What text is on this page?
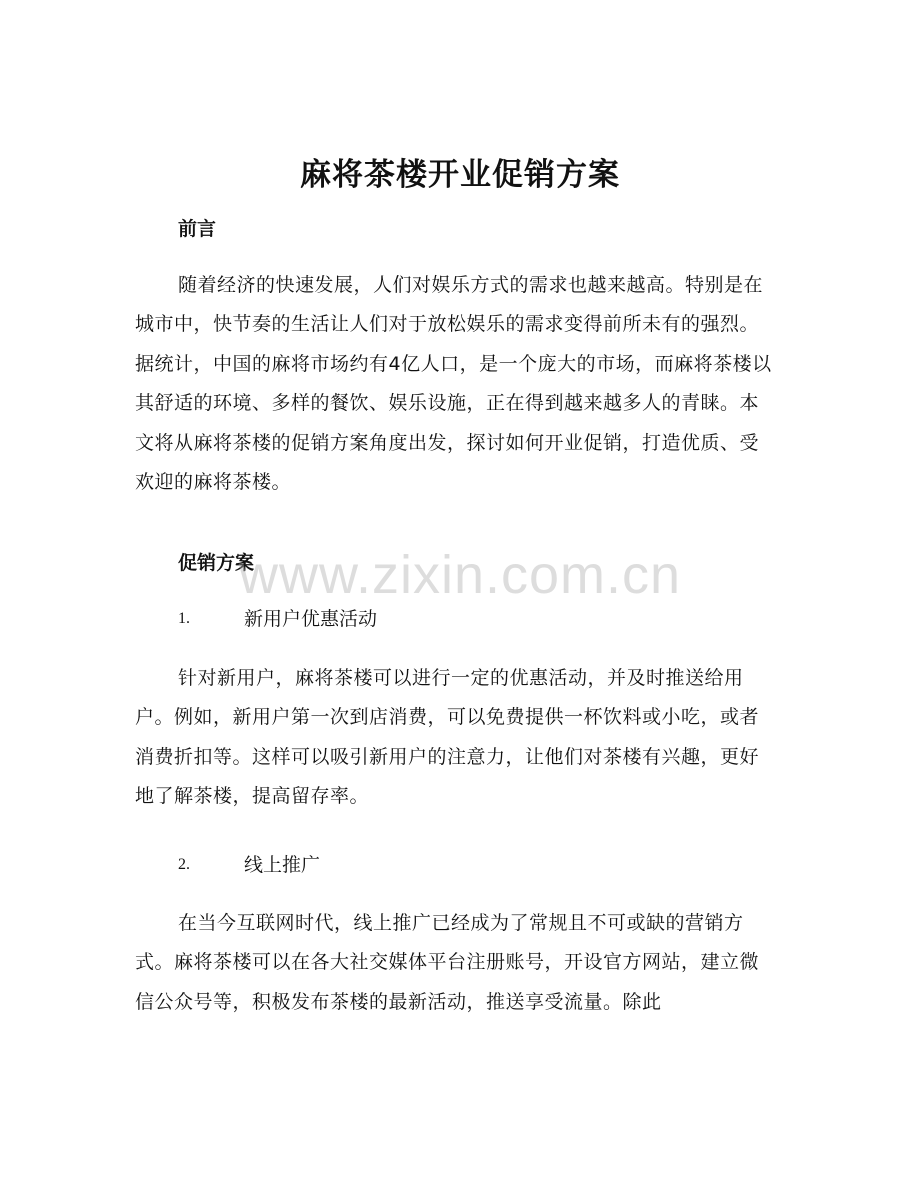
麻将茶楼开业促销方案
前言
随着经济的快速发展，人们对娱乐方式的需求也越来越高。特别是在城市中，快节奏的生活让人们对于放松娱乐的需求变得前所未有的强烈。据统计，中国的麻将市场约有4亿人口，是一个庞大的市场，而麻将茶楼以其舒适的环境、多样的餐饮、娱乐设施，正在得到越来越多人的青睐。本文将从麻将茶楼的促销方案角度出发，探讨如何开业促销，打造优质、受欢迎的麻将茶楼。
促销方案
1.	新用户优惠活动
针对新用户，麻将茶楼可以进行一定的优惠活动，并及时推送给用户。例如，新用户第一次到店消费，可以免费提供一杯饮料或小吃，或者消费折扣等。这样可以吸引新用户的注意力，让他们对茶楼有兴趣，更好地了解茶楼，提高留存率。
2.	线上推广
在当今互联网时代，线上推广已经成为了常规且不可或缺的营销方式。麻将茶楼可以在各大社交媒体平台注册账号，开设官方网站，建立微信公众号等，积极发布茶楼的最新活动，推送享受流量。除此
www.zixin.com.cn
